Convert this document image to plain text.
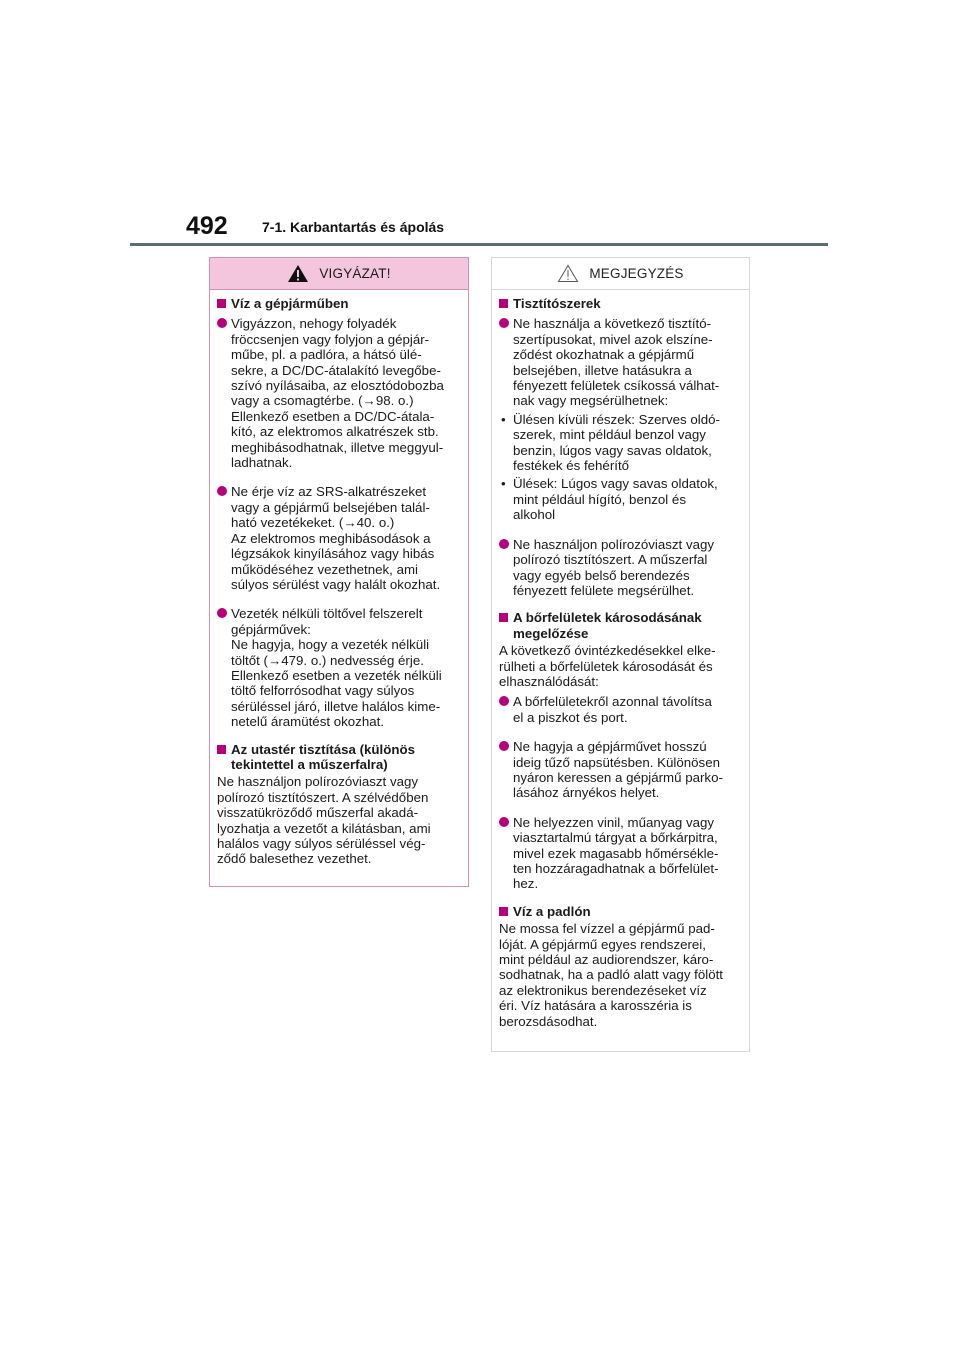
492 7-1. Karbantartás és ápolás
VIGYÁZAT!
Víz a gépjárműben
Vigyázzon, nehogy folyadék
fröccsenjen vagy folyjon a gépjár-
műbe, pl. a padlóra, a hátsó ülé-
sekre, a DC/DC-átalakító levegőbe-
szívó nyílásaiba, az elosztódobozba
vagy a csomagtérbe. (→98. o.)
Ellenkező esetben a DC/DC-átala-
kító, az elektromos alkatrészek stb.
meghibásodhatnak, illetve meggyul-
ladhatnak.
Ne érje víz az SRS-alkatrészeket
vagy a gépjármű belsejében talál-
ható vezetékeket. (→40. o.)
Az elektromos meghibásodások a
légzsákok kinyílásához vagy hibás
működéséhez vezethetnek, ami
súlyos sérülést vagy halált okozhat.
Vezeték nélküli töltővel felszerelt
gépjárművek:
Ne hagyja, hogy a vezeték nélküli
töltőt (→479. o.) nedvesség érje.
Ellenkező esetben a vezeték nélküli
töltő felforrósodhat vagy súlyos
sérüléssel járó, illetve halálos kime-
netelű áramütést okozhat.
Az utastér tisztítása (különös
tekintettel a műszerfalra)
Ne használjon polírozóviaszt vagy
polírozó tisztítószert. A szélvédőben
visszatükröződő műszerfal akadá-
lyozhatja a vezetőt a kilátásban, ami
halálos vagy súlyos sérüléssel vég-
ződő balesethez vezethet.
MEGJEGYZÉS
Tisztítószerek
Ne használja a következő tisztító-
szertípusokat, mivel azok elszíne-
ződést okozhatnak a gépjármű
belsejében, illetve hatásukra a
fényezett felületek csíkossá válhat-
nak vagy megsérülhetnek:
• Ülésen kívüli részek: Szerves oldó-
szerek, mint például benzol vagy
benzin, lúgos vagy savas oldatok,
festékek és fehérítő
• Ülések: Lúgos vagy savas oldatok,
mint például hígító, benzol és
alkohol
Ne használjon polírozóviaszt vagy
polírozó tisztítószert. A műszerfal
vagy egyéb belső berendezés
fényezett felülete megsérülhet.
A bőrfelületek károsodásának
megelőzése
A következő óvintézkedésekkel elke-
rülheti a bőrfelületek károsodását és
elhasználódását:
A bőrfelületekről azonnal távolítsa
el a piszkot és port.
Ne hagyja a gépjárművet hosszú
ideig tűző napsütésben. Különösen
nyáron keressen a gépjármű parko-
lásához árnyékos helyet.
Ne helyezzen vinil, műanyag vagy
viasztartalmú tárgyat a bőrkárpitra,
mivel ezek magasabb hőmérsékle-
ten hozzáragadhatnak a bőrfelület-
hez.
Víz a padlón
Ne mossa fel vízzel a gépjármű pad-
lóját. A gépjármű egyes rendszerei,
mint például az audiorendszer, káro-
sodhatnak, ha a padló alatt vagy fölött
az elektronikus berendezéseket víz
éri. Víz hatására a karosszéria is
berozsdásodhat.
